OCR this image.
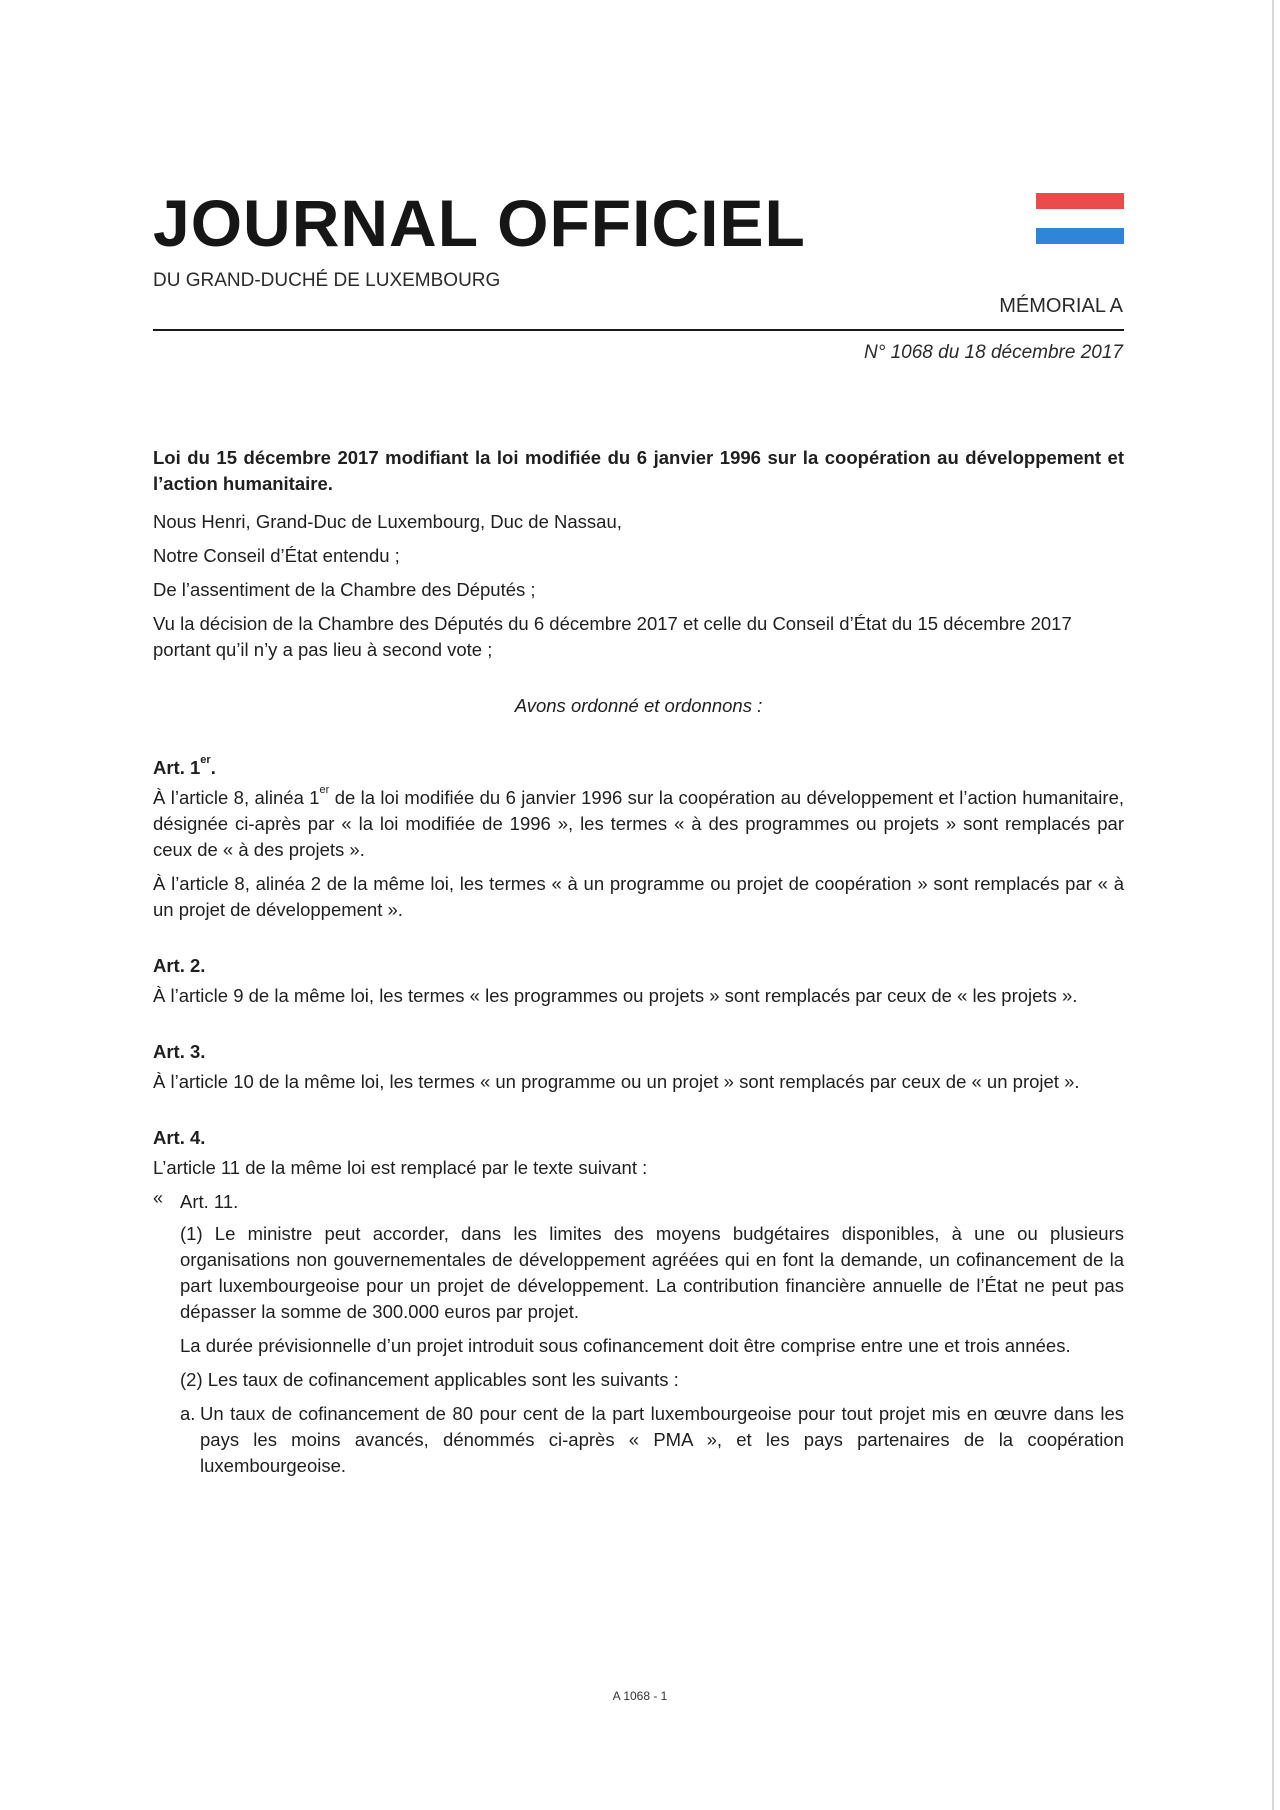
JOURNAL OFFICIEL
DU GRAND-DUCHÉ DE LUXEMBOURG
MÉMORIAL A
N° 1068 du 18 décembre 2017

Loi du 15 décembre 2017 modifiant la loi modifiée du 6 janvier 1996 sur la coopération au développement et l’action humanitaire.

Nous Henri, Grand-Duc de Luxembourg, Duc de Nassau,

Notre Conseil d’État entendu ;

De l’assentiment de la Chambre des Députés ;

Vu la décision de la Chambre des Députés du 6 décembre 2017 et celle du Conseil d’État du 15 décembre 2017 portant qu’il n’y a pas lieu à second vote ;

Avons ordonné et ordonnons :

Art. 1er.

À l’article 8, alinéa 1er de la loi modifiée du 6 janvier 1996 sur la coopération au développement et l’action humanitaire, désignée ci-après par « la loi modifiée de 1996 », les termes « à des programmes ou projets » sont remplacés par ceux de « à des projets ».

À l’article 8, alinéa 2 de la même loi, les termes « à un programme ou projet de coopération » sont remplacés par « à un projet de développement ».

Art. 2.

À l’article 9 de la même loi, les termes « les programmes ou projets » sont remplacés par ceux de « les projets ».

Art. 3.

À l’article 10 de la même loi, les termes « un programme ou un projet » sont remplacés par ceux de « un projet ».

Art. 4.

L’article 11 de la même loi est remplacé par le texte suivant :

« Art. 11.

(1) Le ministre peut accorder, dans les limites des moyens budgétaires disponibles, à une ou plusieurs organisations non gouvernementales de développement agréées qui en font la demande, un cofinancement de la part luxembourgeoise pour un projet de développement. La contribution financière annuelle de l’État ne peut pas dépasser la somme de 300.000 euros par projet.

La durée prévisionnelle d’un projet introduit sous cofinancement doit être comprise entre une et trois années.

(2) Les taux de cofinancement applicables sont les suivants :

a. Un taux de cofinancement de 80 pour cent de la part luxembourgeoise pour tout projet mis en œuvre dans les pays les moins avancés, dénommés ci-après « PMA », et les pays partenaires de la coopération luxembourgeoise.
A 1068 - 1
